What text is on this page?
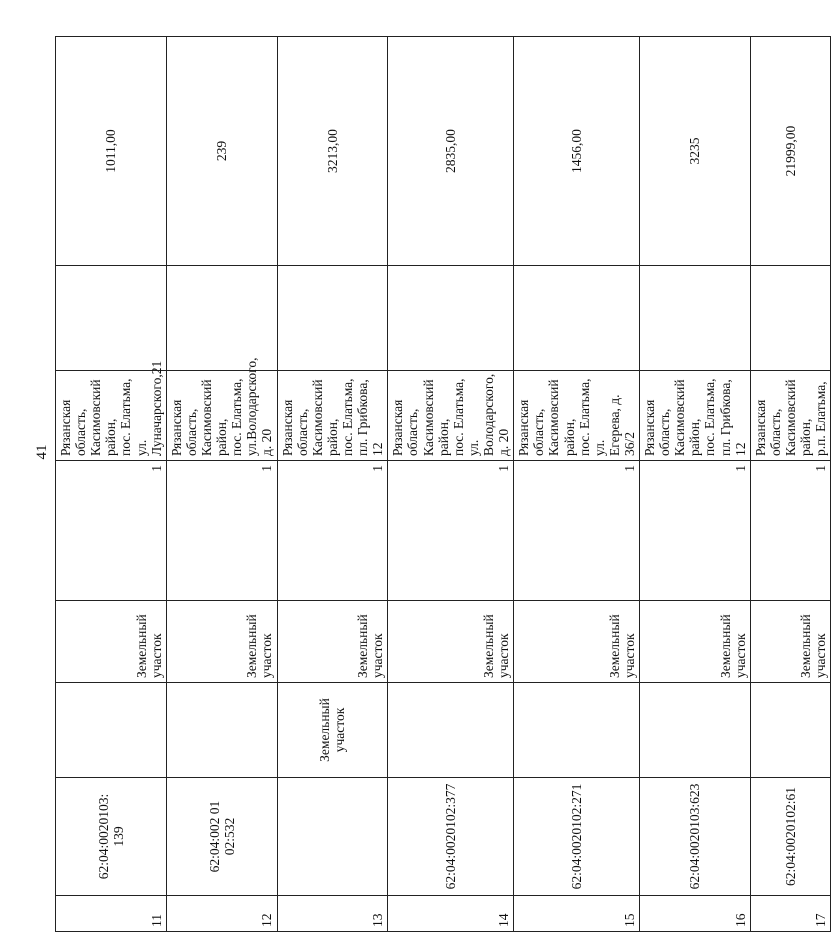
41
11	62:04:0020103:
139		Земельный
участок	1	Рязанская область,
Касимовский район,
пос. Елатьма,
ул. Луначарского,21		1011,00
12	62:04:002 01
02:532		Земельный
участок	1	Рязанская область,
Касимовский район,
пос. Елатьма,
ул.Володарского,
д. 20		239
13		Земельный
участок	Земельный
участок	1	Рязанская область,
Касимовский район,
пос. Елатьма,
пл. Грибкова, 12		3213,00
14	62:04:0020102:377		Земельный
участок	1	Рязанская область,
Касимовский район,
пос. Елатьма, ул.
Володарского, д. 20		2835,00
15	62:04:0020102:271		Земельный
участок	1	Рязанская область,
Касимовский район,
пос. Елатьма, ул.
Егерева, д. 36/2		1456,00
16	62:04:0020103:623		Земельный
участок	1	Рязанская область,
Касимовский район,
пос. Елатьма,
пл. Грибкова, 12		3235
17	62:04:0020102:61		Земельный
участок	1	Рязанская область,
Касимовский район,
р.п. Елатьма,		21999,00
